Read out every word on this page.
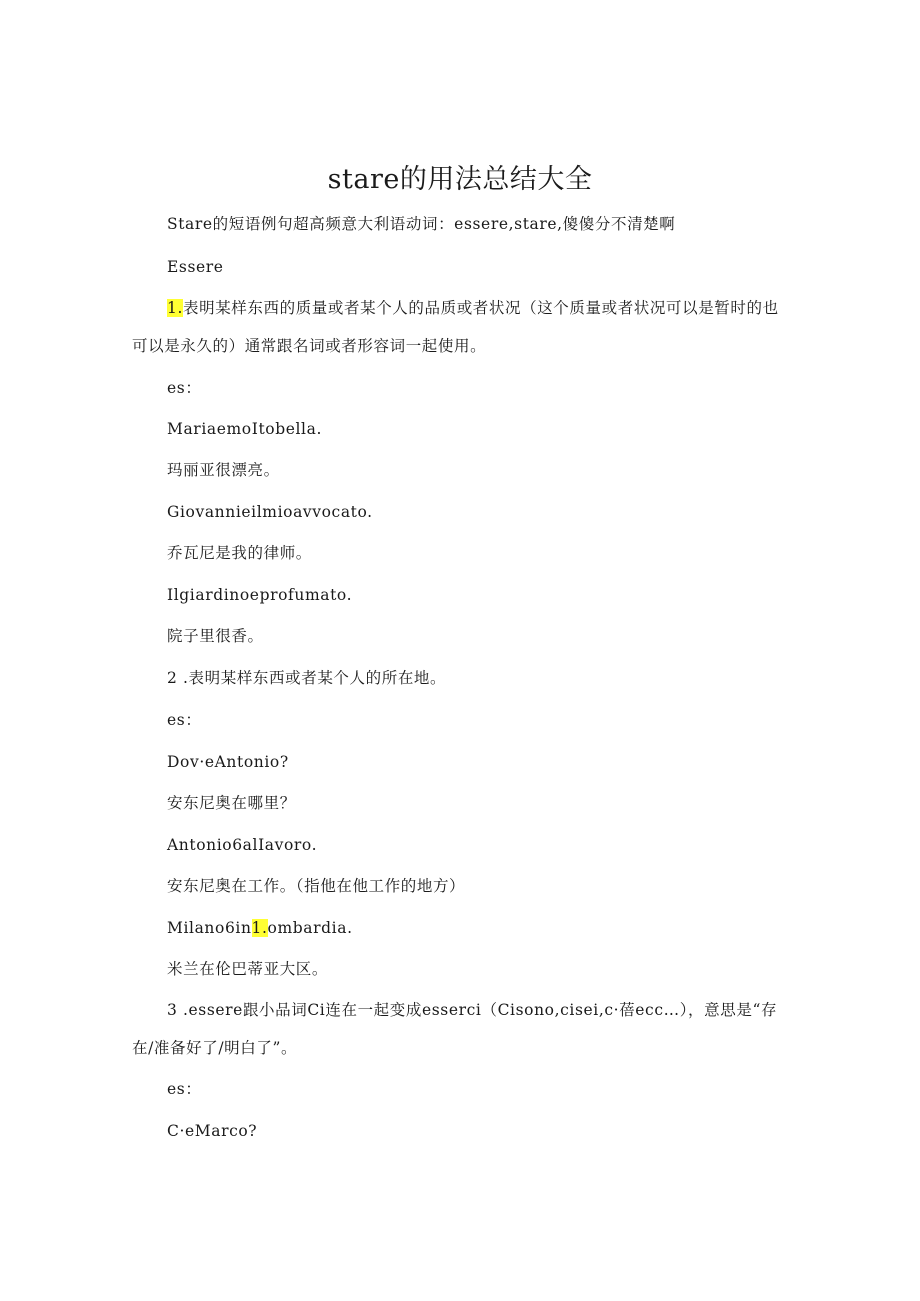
stare的用法总结大全
Stare的短语例句超高频意大利语动词：essere,stare,傻傻分不清楚啊
Essere
1.表明某样东西的质量或者某个人的品质或者状况（这个质量或者状况可以是暂时的也可以是永久的）通常跟名词或者形容词一起使用。
es：
MariaemoItobella.
玛丽亚很漂亮。
Giovannieilmioavvocato.
乔瓦尼是我的律师。
Ilgiardinoeprofumato.
院子里很香。
2 .表明某样东西或者某个人的所在地。
es：
Dov·eAntonio?
安东尼奥在哪里？
Antonio6alIavoro.
安东尼奥在工作。（指他在他工作的地方）
Milano6in1.ombardia.
米兰在伦巴蒂亚大区。
3 .essere跟小品词Ci连在一起变成esserci（Cisono,cisei,c·蓓ecc…），意思是“存在/准备好了/明白了”。
es：
C·eMarco?
